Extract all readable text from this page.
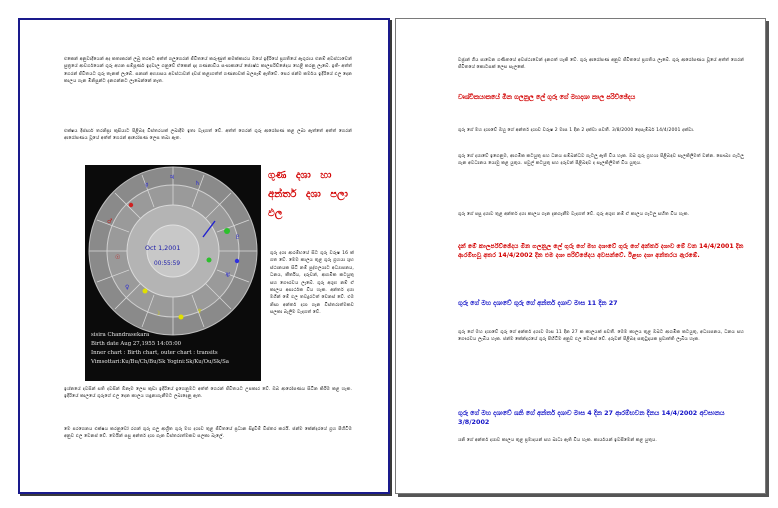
එකෙන් අනුවාදියෙන් අද කතාකරන් ලබු තරඅට අත්ත් ගලුගෙරන් ජීවිතයේ කරුණුත් කමක්කාරය ඔයේ ඉදිරියේ ප්‍රගතියේ ඇගුරාය එනම් අවස්ථාවෙන් සුත්‍රයේ ආවර්ගයෙන් ගුරු අහන සම්පූර්ණ ඉදවාල ගනුවේ ඒකෙන් දාද ගණනාවිය සංපාකායේ ජ්‍යෙෂ්ඨ කාලපරිච්ඡේදය හෙළි කරනු ලැබේ. ඉතිං අත්ත් ගෙරන් ජීවිතයට ගුරු තැනක් ලැබේ. සනාන් අභ්‍යාසය අවස්ථාවන් දවස් කළාගත්ත් ගණනාවක් බලපෑම් ඇතිවේ. පෙර ජන්ම කර්මය ඉදිරියේ ඵල දෙන කාලය ගැන මිනිසුන්ට දැනගන්නට ලැබෙන්නේ නැත.
එක්ෂය දිස්සාර් තරනිප්‍රා කුසියාට පිළිබඳ විස්තරයක් ලබාදීම ඉතා වැදගත් වේ. අත්ත් ගෙරන් ගුරු ආරෝපණ කළ ලබා ඇත්තේ අත්ත් ගෙරන් ආරෝපණය වූයේ අත්ත් ගෙරන් ආරෝපණ ලෙස තබා ඇත.
☿
♃
♄
♂
☉
♀
☽	♆
♅
♇
Oct 1,2001
00:55:59
sisira Chandrasekara
Birth date Aug 27,1955 14:05:00
Inner chart : Birth chart, outer chart : transits
Vimsottari:Ku/Bu/Ch/Bu/Sk Yogini:Sk/Ku/Ou/Sk/Sa
ගුණ දශා හා අන්තර් දශා පලා ඵල
ගුරු දශා ආරම්භයේ සිට ගුරු වරුෂ 16 ක් ගත වේ. මෙම කාලය තුළ ගුරු ග්‍රහයා ශුභ ස්ථානයක සිටී නම් පුද්ගලයාට අධ්‍යාපනය, ධනය, කීර්තිය, දරුවන්, ආගමික කටයුතු සහ ගෞරවය ලැබේ. ගුරු අශුභ නම් ඒ කාලය අසාර්ථක විය හැක. අන්තර් දශා මගින් මේ ඵල තවදුරටත් වෙනස් වේ. එම නිසා අන්තර් දශා ගැන විස්තරාත්මකව සලකා බැලීම වැදගත් වේ.
ඉශ්නයේ දවසින් සති දවසින් ඕනෑම ලෙස කුඩා ඉදිරියේ ඉගෙනුමට අත්ත් ගෙරන් ජීවිතයට උපකාර වේ. ඔබ ආරෝපණය සිටින කිරීම කළ හැක. ඉදිරියේ කාලයේ ගුරුගේ ඵල දෙන කාලය හඳුනාගැනීමට ලබාදෙනු ඇත.
මෙ පරගෙනය එක්ෂය කරනුවෝ රගන් ගුරු ගලු ආශ්‍රිත ගුරු මහ දශාව තුළ ජීවිතයේ ප්‍රධාන සිදුවීම් විස්තර කරයි. ජන්ම කේන්දරයේ ග්‍රහ පිහිටීම අනුව ඵල වෙනස් වේ. මෙයින් පසු අන්තර් දශා ගැන විස්තරාත්මකව සලකා බැලේ.
වජ්‍රාන් ගිය පාවෙන ගණිතයේ අවස්ථාවෙන් දැනගත් හැකි වේ. ගුරු ආරෝපණ අනුව ජීවිතයේ ප්‍රගතිය ලැබේ. ගුරු ආරෝපණය වූයේ අත්ත් ගෙරන් ජීවිතයේ කොටසක් ලෙස සැලකේ.
වෘශ්චිකයාකයේ මීන ගලනුල ලේ ගුරු ගේ මහදශා කාල පරිච්ඡේදය
ගුරු ගේ මහ දශාවේ ඔහු ගේ අන්තර් දශාව වරුෂ 2 මාස 1 දින 2 දක්වා පවතී. 3/8/2000 දෙසැම්බර් 14/4/2001 දක්වා.
ගුරු ගේ දශාවේ ඉගෙනුම, ආගමික කටයුතු සහ ධනය සම්බන්ධව ගැටලු ඇති විය හැක. ඔබ ගුරු ග්‍රහයා පිළිබඳව සැලකිලිමත් වන්න. සෞඛ්‍ය ගැටලු ගැන අවධානය යොමු කළ යුතුය. පවුල් කටයුතු සහ දරුවන් පිළිබඳව ද සැලකිලිමත් විය යුතුය.
ගුරු ගේ පසු දශාව තුළ අන්තර් දශා කාලය ගැන දැනගැනීම වැදගත් වේ. ගුරු අශුභ නම් ඒ කාලය ගැටලු සහිත විය හැක.
දැන් මේ කාලපරිච්ඡේදය මීන ගලනුල ලේ ගුරු ගේ මහ දශාවේ ගුරු ගේ අන්තර් දශාව මේ වන 14/4/2001 දින ආරම්භවූ අතර 14/4/2002 දින එම දශා පරිච්ඡේදය අවසන්වේ. ඊළඟ දශා අන්තරය ඇරඹේ.
ගුරු ගේ මහ දශාවේ ගුරු ගේ අන්තර් දශාව මාස 11 දින 27
ගුරු ගේ මහ දශාවේ ගුරු ගේ අන්තර් දශාව මාස 11 දින 27 ක කාලයක් පවතී. මෙම කාලය තුළ ඔබට ආගමික කටයුතු, අධ්‍යාපනය, ධනය සහ ගෞරවය ලැබිය හැක. ජන්ම කේන්දරයේ ගුරු පිහිටීම අනුව ඵල වෙනස් වේ. දරුවන් පිළිබඳ සතුටුදායක ප්‍රවෘත්ති ලැබිය හැක.
ගුරු ගේ මහ දශාවේ ශනි ගේ අන්තර් දශාව මාස 4 දින 27 ආරම්භවන දිනය 14/4/2002 අවසානය 3/8/2002
ශනි ගේ අන්තර් දශාව කාලය තුළ ප්‍රමාදයන් සහ බාධා ඇති විය හැක. කාර්යයන් ඉවසීමෙන් කළ යුතුය.
